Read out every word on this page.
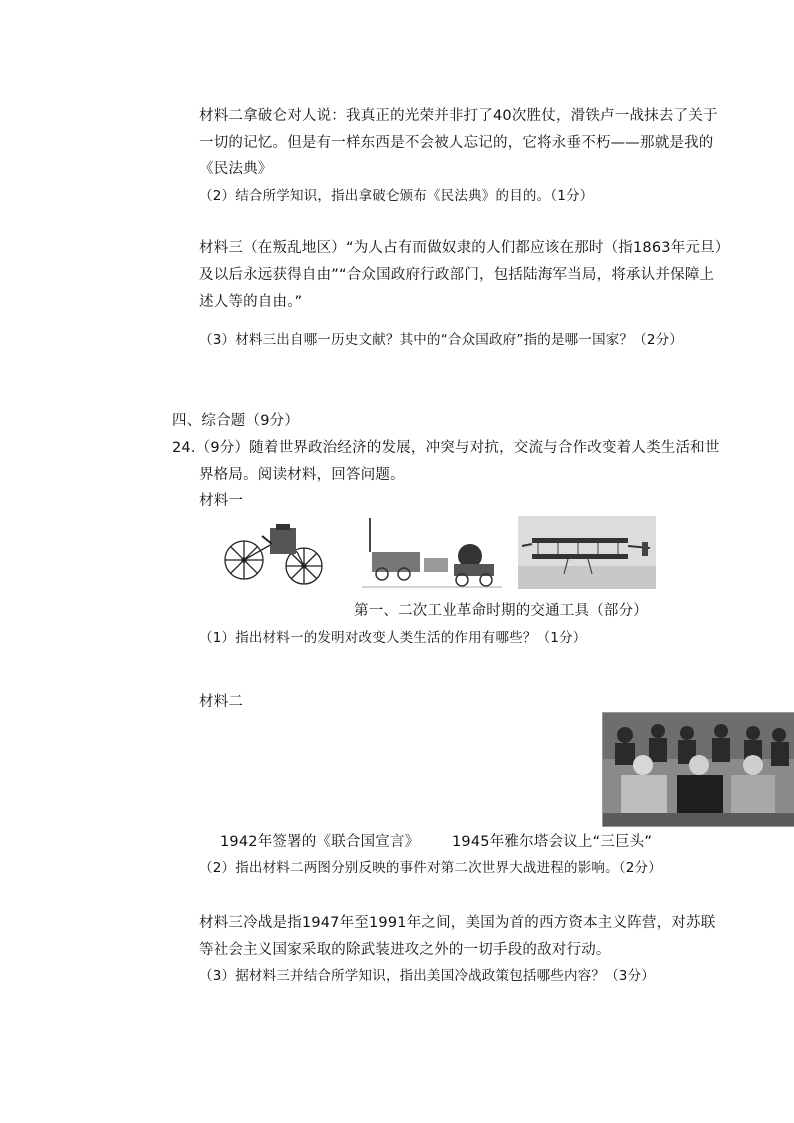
材料二拿破仑对人说：我真正的光荣并非打了40次胜仗，滑铁卢一战抹去了关于
一切的记忆。但是有一样东西是不会被人忘记的，它将永垂不朽——那就是我的
《民法典》
（2）结合所学知识，指出拿破仑颁布《民法典》的目的。（1分）
材料三（在叛乱地区）“为人占有而做奴隶的人们都应该在那时（指1863年元旦）
及以后永远获得自由”“合众国政府行政部门，包括陆海军当局，将承认并保障上
述人等的自由。”
（3）材料三出自哪一历史文献？其中的“合众国政府”指的是哪一国家？（2分）
四、综合题（9分）
24.（9分）随着世界政治经济的发展，冲突与对抗，交流与合作改变着人类生活和世
界格局。阅读材料，回答问题。
材料一
第一、二次工业革命时期的交通工具（部分）
（1）指出材料一的发明对改变人类生活的作用有哪些？（1分）
材料二
1942年签署的《联合国宣言》 1945年雅尔塔会议上“三巨头”
（2）指出材料二两图分别反映的事件对第二次世界大战进程的影响。（2分）
材料三冷战是指1947年至1991年之间，美国为首的西方资本主义阵营，对苏联
等社会主义国家采取的除武装进攻之外的一切手段的敌对行动。
（3）据材料三并结合所学知识，指出美国冷战政策包括哪些内容？（3分）
